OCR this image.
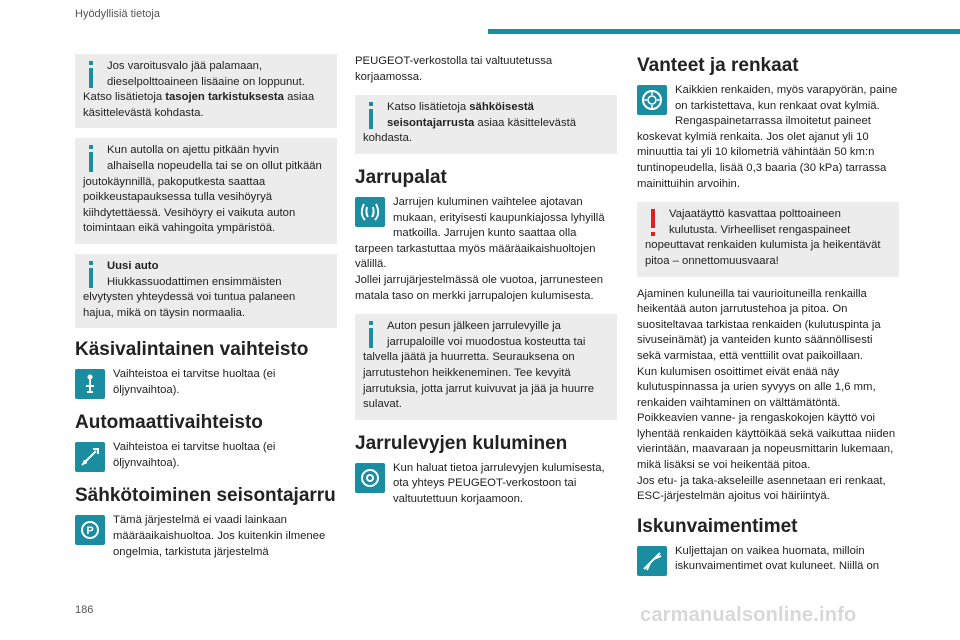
Hyödyllisiä tietoja
Jos varoitusvalo jää palamaan,
dieselpolttoaineen lisäaine on loppunut.
Katso lisätietoja tasojen tarkistuksesta asiaa käsittelevästä kohdasta.
Kun autolla on ajettu pitkään hyvin alhaisella nopeudella tai se on ollut pitkään joutokäynnillä, pakoputkesta saattaa poikkeustapauksessa tulla vesihöyryä kiihdytettäessä. Vesihöyry ei vaikuta auton toimintaan eikä vahingoita ympäristöä.
Uusi auto
Hiukkassuodattimen ensimmäisten elvytysten yhteydessä voi tuntua palaneen hajua, mikä on täysin normaalia.
Käsivalintainen vaihteisto
Vaihteistoa ei tarvitse huoltaa (ei öljynvaihtoa).
Automaattivaihteisto
Vaihteistoa ei tarvitse huoltaa (ei öljynvaihtoa).
Sähkötoiminen seisontajarru
P
Tämä järjestelmä ei vaadi lainkaan määräaikaishuoltoa. Jos kuitenkin ilmenee ongelmia, tarkistuta järjestelmä
PEUGEOT-verkostolla tai valtuutetussa korjaamossa.
Katso lisätietoja sähköisestä seisontajarrusta asiaa käsittelevästä kohdasta.
Jarrupalat
Jarrujen kuluminen vaihtelee ajotavan mukaan, erityisesti kaupunkiajossa lyhyillä matkoilla. Jarrujen kunto saattaa olla tarpeen tarkastuttaa myös määräaikaishuoltojen välillä.
Jollei jarrujärjestelmässä ole vuotoa, jarrunesteen matala taso on merkki jarrupalojen kulumisesta.
Auton pesun jälkeen jarrulevyille ja jarrupaloille voi muodostua kosteutta tai talvella jäätä ja huurretta. Seurauksena on jarrutustehon heikkeneminen. Tee kevyitä jarrutuksia, jotta jarrut kuivuvat ja jää ja huurre sulavat.
Jarrulevyjen kuluminen
Kun haluat tietoa jarrulevyjen kulumisesta, ota yhteys PEUGEOT-verkostoon tai valtuutettuun korjaamoon.
Vanteet ja renkaat
Kaikkien renkaiden, myös varapyörän, paine on tarkistettava, kun renkaat ovat kylmiä.
Rengaspainetarrassa ilmoitetut paineet koskevat kylmiä renkaita. Jos olet ajanut yli 10 minuuttia tai yli 10 kilometriä vähintään 50 km:n tuntinopeudella, lisää 0,3 baaria (30 kPa) tarrassa mainittuihin arvoihin.
Vajaatäyttö kasvattaa polttoaineen kulutusta. Virheelliset rengaspaineet nopeuttavat renkaiden kulumista ja heikentävät pitoa – onnettomuusvaara!
Ajaminen kuluneilla tai vaurioituneilla renkailla heikentää auton jarrutustehoa ja pitoa. On suositeltavaa tarkistaa renkaiden (kulutuspinta ja sivuseinämät) ja vanteiden kunto säännöllisesti sekä varmistaa, että venttiilit ovat paikoillaan.
Kun kulumisen osoittimet eivät enää näy kulutuspinnassa ja urien syvyys on alle 1,6 mm, renkaiden vaihtaminen on välttämätöntä.
Poikkeavien vanne- ja rengaskokojen käyttö voi lyhentää renkaiden käyttöikää sekä vaikuttaa niiden vierintään, maavaraan ja nopeusmittarin lukemaan, mikä lisäksi se voi heikentää pitoa.
Jos etu- ja taka-akseleille asennetaan eri renkaat, ESC-järjestelmän ajoitus voi häiriintyä.
Iskunvaimentimet
Kuljettajan on vaikea huomata, milloin iskunvaimentimet ovat kuluneet. Niillä on
186	carmanualsonline.info
